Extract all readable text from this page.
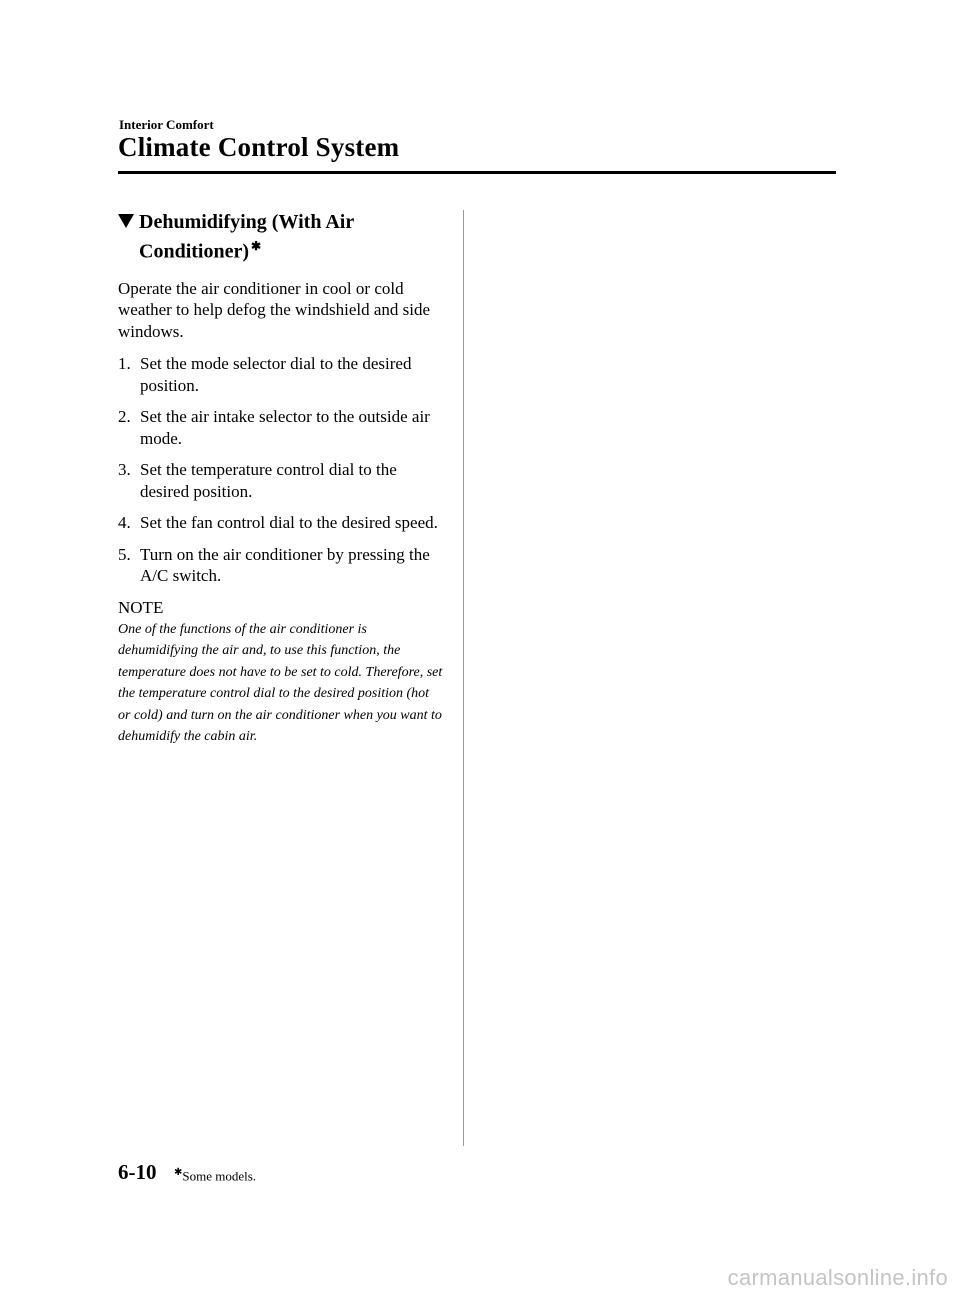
Interior Comfort
Climate Control System
Dehumidifying (With Air
Conditioner) ✱
Operate the air conditioner in cool or cold weather to help defog the windshield and side windows.
1. Set the mode selector dial to the desired position.
2. Set the air intake selector to the outside air mode.
3. Set the temperature control dial to the desired position.
4. Set the fan control dial to the desired speed.
5. Turn on the air conditioner by pressing the A/C switch.
NOTE
One of the functions of the air conditioner is dehumidifying the air and, to use this function, the temperature does not have to be set to cold. Therefore, set the temperature control dial to the desired position (hot or cold) and turn on the air conditioner when you want to dehumidify the cabin air.
6-10 ✱Some models.
carmanualsonline.info
